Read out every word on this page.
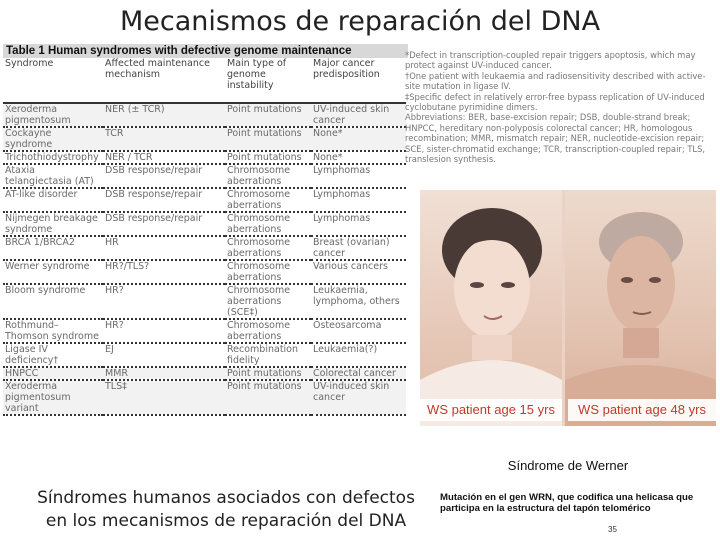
Mecanismos de reparación del DNA
Table 1 Human syndromes with defective genome maintenance
Syndrome	Affected maintenance mechanism	Main type of genome instability	Major cancer predisposition
Xeroderma pigmentosum	NER (± TCR)	Point mutations	UV-induced skin cancer
Cockayne syndrome	TCR	Point mutations	None*
Trichothiodystrophy	NER / TCR	Point mutations	None*
Ataxia telangiectasia (AT)	DSB response/repair	Chromosome aberrations	Lymphomas
AT-like disorder	DSB response/repair	Chromosome aberrations	Lymphomas
Nijmegen breakage syndrome	DSB response/repair	Chromosome aberrations	Lymphomas
BRCA 1/BRCA2	HR	Chromosome aberrations	Breast (ovarian) cancer
Werner syndrome	HR?/TLS?	Chromosome aberrations	Various cancers
Bloom syndrome	HR?	Chromosome aberrations (SCE‡)	Leukaemia, lymphoma, others
Rothmund–Thomson syndrome	HR?	Chromosome aberrations	Osteosarcoma
Ligase IV deficiency†	EJ	Recombination fidelity	Leukaemia(?)
HNPCC	MMR	Point mutations	Colorectal cancer
Xeroderma pigmentosum variant	TLS‡	Point mutations	UV-induced skin cancer

*Defect in transcription-coupled repair triggers apoptosis, which may protect against UV-induced cancer.

†One patient with leukaemia and radiosensitivity described with active-site mutation in ligase IV.

‡Specific defect in relatively error-free bypass replication of UV-induced cyclobutane pyrimidine dimers.

Abbreviations: BER, base-excision repair; DSB, double-strand break; HNPCC, hereditary non-polyposis colorectal cancer; HR, homologous recombination; MMR, mismatch repair; NER, nucleotide-excision repair; SCE, sister-chromatid exchange; TCR, transcription-coupled repair; TLS, translesion synthesis.

WS patient age 15 yrs	WS patient age 48 yrs
Síndrome de Werner
Síndromes humanos asociados con defectos en los mecanismos de reparación del DNA
Mutación en el gen WRN, que codifica una helicasa que participa en la estructura del tapón telomérico
35
